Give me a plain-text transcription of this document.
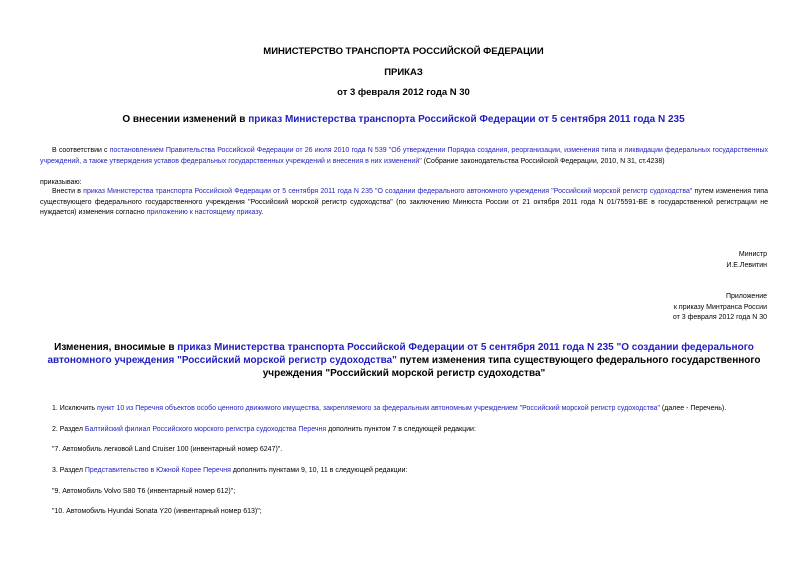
МИНИСТЕРСТВО ТРАНСПОРТА РОССИЙСКОЙ ФЕДЕРАЦИИ
ПРИКАЗ
от 3 февраля 2012 года N 30
О внесении изменений в приказ Министерства транспорта Российской Федерации от 5 сентября 2011 года N 235
В соответствии с постановлением Правительства Российской Федерации от 26 июля 2010 года N 539 "Об утверждении Порядка создания, реорганизации, изменения типа и ликвидации федеральных государственных учреждений, а также утверждения уставов федеральных государственных учреждений и внесения в них изменений" (Собрание законодательства Российской Федерации, 2010, N 31, ст.4238)
приказываю:
Внести в приказ Министерства транспорта Российской Федерации от 5 сентября 2011 года N 235 "О создании федерального автономного учреждения "Российский морской регистр судоходства" путем изменения типа существующего федерального государственного учреждения "Российский морской регистр судоходства" (по заключению Минюста России от 21 октября 2011 года N 01/75591-ВЕ в государственной регистрации не нуждается) изменения согласно приложению к настоящему приказу.
Министр
И.Е.Левитин
Приложение
к приказу Минтранса России
от 3 февраля 2012 года N 30
Изменения, вносимые в приказ Министерства транспорта Российской Федерации от 5 сентября 2011 года N 235 "О создании федерального автономного учреждения "Российский морской регистр судоходства" путем изменения типа существующего федерального государственного учреждения "Российский морской регистр судоходства"
1. Исключить пункт 10 из Перечня объектов особо ценного движимого имущества, закрепляемого за федеральным автономным учреждением "Российский морской регистр судоходства" (далее - Перечень).
2. Раздел Балтийский филиал Российского морского регистра судоходства Перечня дополнить пунктом 7 в следующей редакции:
"7. Автомобиль легковой Land Cruiser 100 (инвентарный номер 6247)".
3. Раздел Представительство в Южной Корее Перечня дополнить пунктами 9, 10, 11 в следующей редакции:
"9. Автомобиль Volvo S80 T6 (инвентарный номер 612)";
"10. Автомобиль Hyundai Sonata Y20 (инвентарный номер 613)";
